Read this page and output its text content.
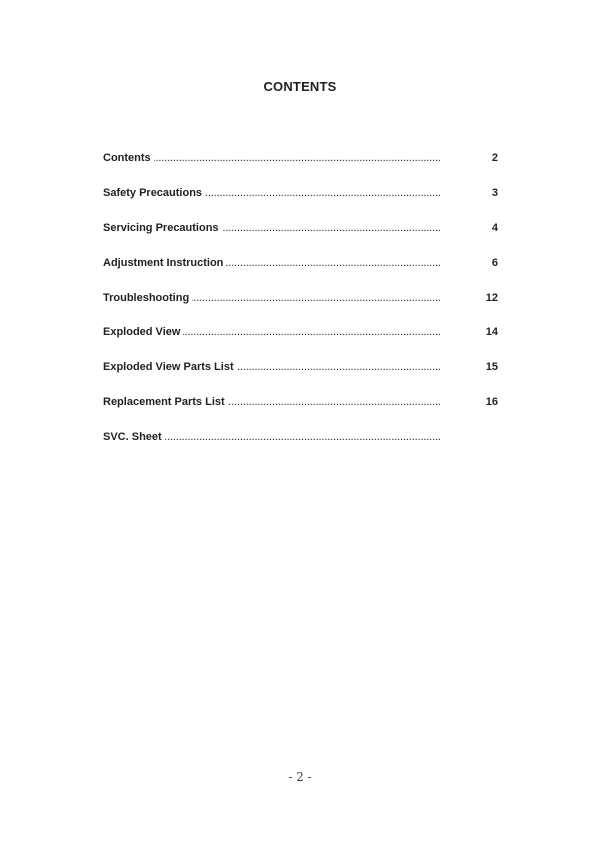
CONTENTS
Contents	2
. . .
Safety Precautions	3
. . .
Servicing Precautions	4
. . .
Adjustment Instruction	6
. . .
Troubleshooting	12
. . .
Exploded View	14
. . .
Exploded View Parts List	15
. . .
Replacement Parts List	16
. . .
SVC. Sheet
. . .
- 2 -
